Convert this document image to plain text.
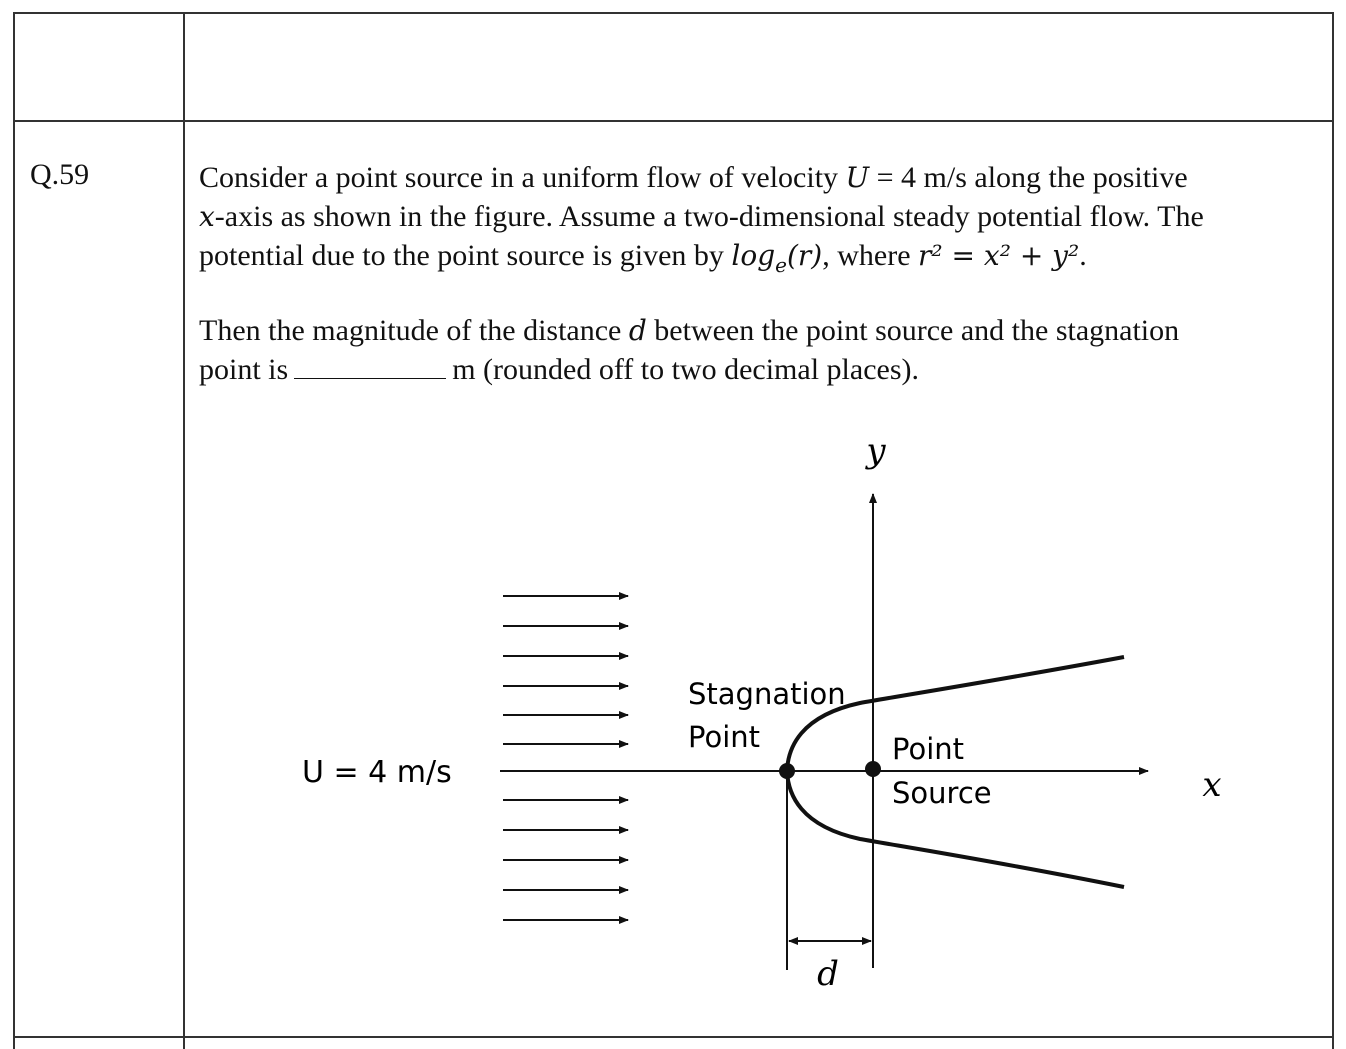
Q.59	Consider a point source in a uniform flow of velocity U = 4 m/s along the positive
x-axis as shown in the figure. Assume a two-dimensional steady potential flow. The
potential due to the point source is given by $\log_e(r)$, where r² = x² + y².
Then the magnitude of the distance d between the point source and the stagnation
point is	m (rounded off to two decimal places).
y
x
U = 4 m/s
Stagnation
Point	Point
Source
d
